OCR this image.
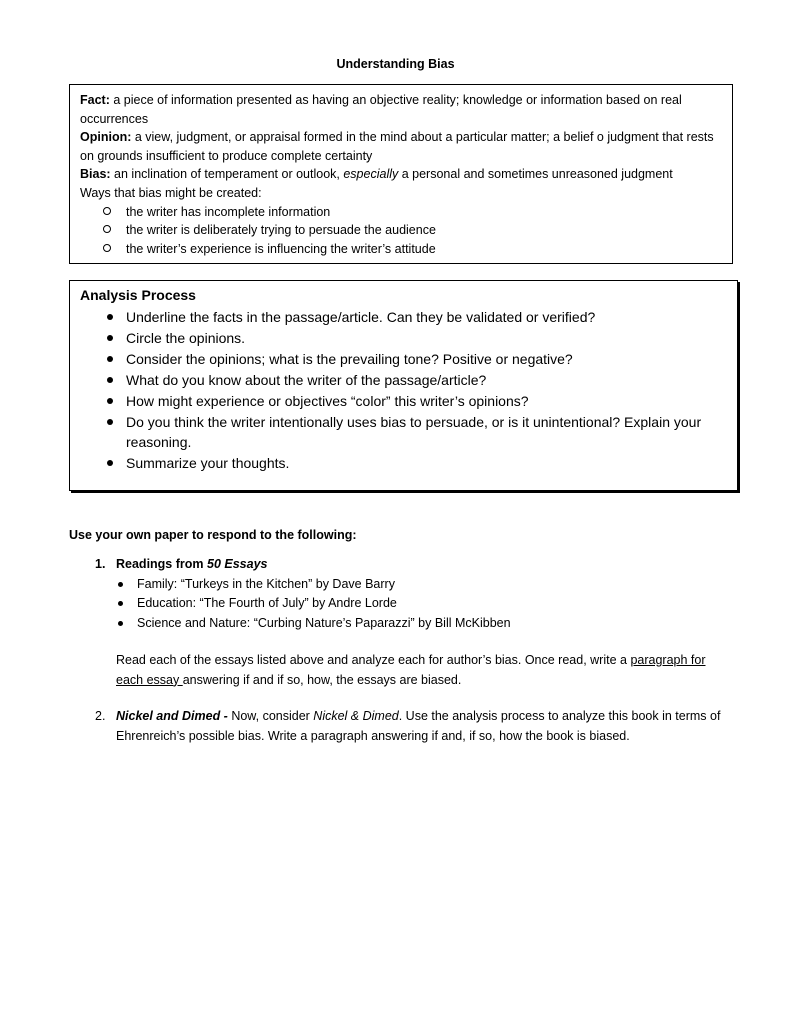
Understanding Bias

Fact: a piece of information presented as having an objective reality; knowledge or information based on real occurrences

Opinion: a view, judgment, or appraisal formed in the mind about a particular matter; a belief o judgment that rests on grounds insufficient to produce complete certainty

Bias: an inclination of temperament or outlook, especially a personal and sometimes unreasoned judgment

Ways that bias might be created:

the writer has incomplete information
the writer is deliberately trying to persuade the audience
the writer’s experience is influencing the writer’s attitude
Analysis Process
Underline the facts in the passage/article. Can they be validated or verified?
Circle the opinions.
Consider the opinions; what is the prevailing tone? Positive or negative?
What do you know about the writer of the passage/article?
How might experience or objectives “color” this writer’s opinions?
Do you think the writer intentionally uses bias to persuade, or is it unintentional? Explain your reasoning.
Summarize your thoughts.
Use your own paper to respond to the following:
1. Readings from 50 Essays
Family: “Turkeys in the Kitchen” by Dave Barry
Education: “The Fourth of July” by Andre Lorde
Science and Nature: “Curbing Nature’s Paparazzi” by Bill McKibben
Read each of the essays listed above and analyze each for author’s bias. Once read, write a paragraph for each essay answering if and if so, how, the essays are biased.
2. Nickel and Dimed - Now, consider Nickel & Dimed. Use the analysis process to analyze this book in terms of Ehrenreich’s possible bias. Write a paragraph answering if and, if so, how the book is biased.
